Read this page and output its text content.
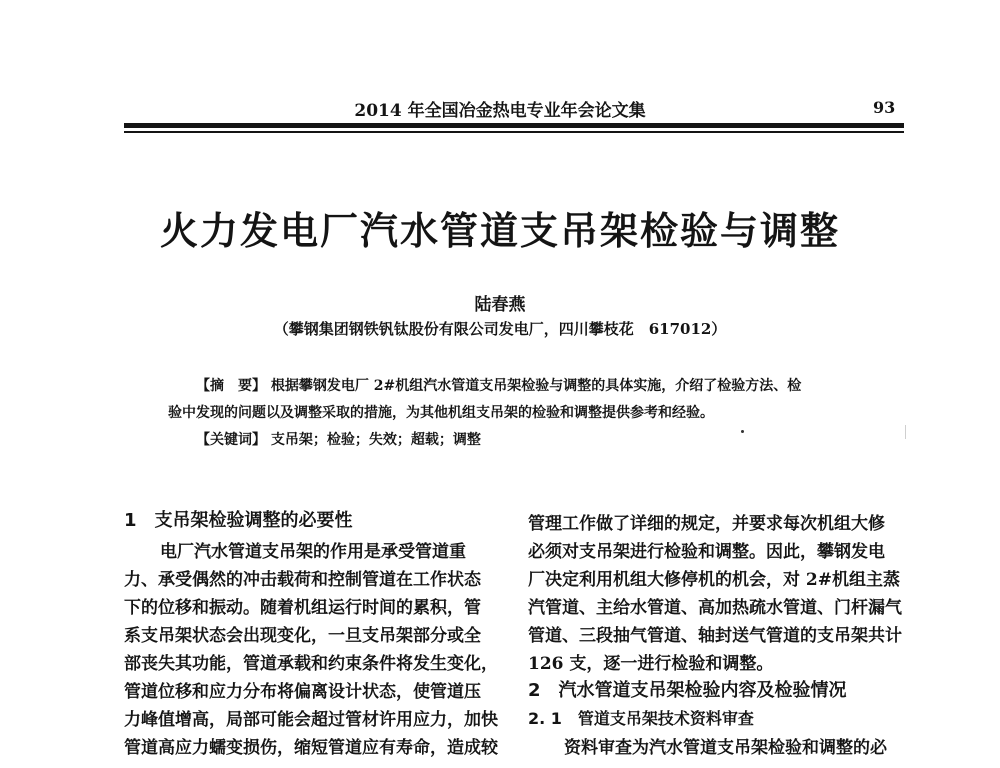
2014 年全国冶金热电专业年会论文集	93
火力发电厂汽水管道支吊架检验与调整
陆春燕
（攀钢集团钢铁钒钛股份有限公司发电厂，四川攀枝花　617012）
【摘　要】 根据攀钢发电厂 2#机组汽水管道支吊架检验与调整的具体实施，介绍了检验方法、检
验中发现的问题以及调整采取的措施，为其他机组支吊架的检验和调整提供参考和经验。
【关键词】 支吊架；检验；失效；超载；调整
1　支吊架检验调整的必要性
电厂汽水管道支吊架的作用是承受管道重
力、承受偶然的冲击载荷和控制管道在工作状态
下的位移和振动。随着机组运行时间的累积，管
系支吊架状态会出现变化，一旦支吊架部分或全
部丧失其功能，管道承载和约束条件将发生变化，
管道位移和应力分布将偏离设计状态，使管道压
力峰值增高，局部可能会超过管材许用应力，加快
管道高应力蠕变损伤，缩短管道应有寿命，造成较
管理工作做了详细的规定，并要求每次机组大修
必须对支吊架进行检验和调整。因此，攀钢发电
厂决定利用机组大修停机的机会，对 2#机组主蒸
汽管道、主给水管道、高加热疏水管道、门杆漏气
管道、三段抽气管道、轴封送气管道的支吊架共计
126 支，逐一进行检验和调整。
2　汽水管道支吊架检验内容及检验情况
2. 1　管道支吊架技术资料审查
资料审查为汽水管道支吊架检验和调整的必
